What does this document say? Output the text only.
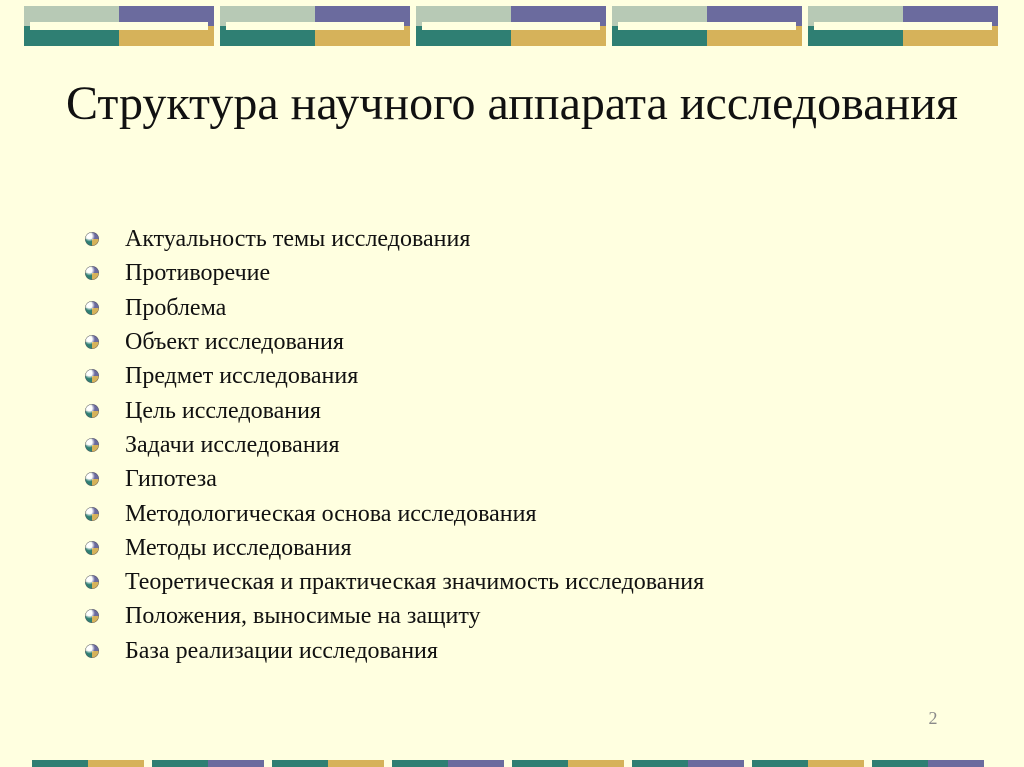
Структура научного аппарата исследования
Актуальность темы исследования
Противоречие
Проблема
Объект исследования
Предмет исследования
Цель исследования
Задачи исследования
Гипотеза
Методологическая основа исследования
Методы исследования
Теоретическая и практическая значимость исследования
Положения, выносимые на защиту
База реализации исследования
2
